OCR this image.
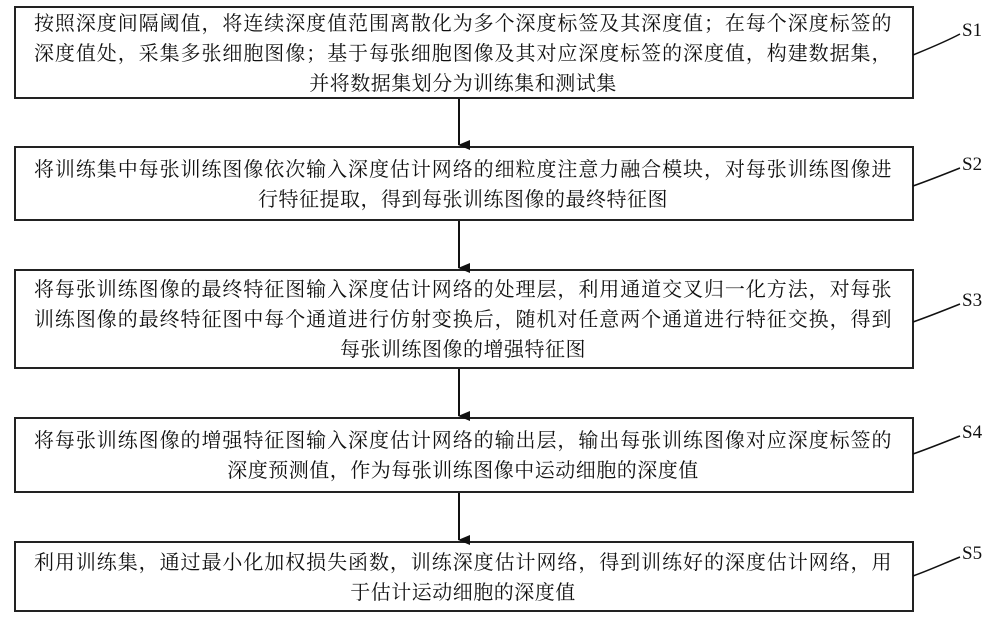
按照深度间隔阈值，将连续深度值范围离散化为多个深度标签及其深度值；在每个深度标签的深度值处，采集多张细胞图像；基于每张细胞图像及其对应深度标签的深度值，构建数据集，并将数据集划分为训练集和测试集
将训练集中每张训练图像依次输入深度估计网络的细粒度注意力融合模块，对每张训练图像进行特征提取，得到每张训练图像的最终特征图
将每张训练图像的最终特征图输入深度估计网络的处理层，利用通道交叉归一化方法，对每张训练图像的最终特征图中每个通道进行仿射变换后，随机对任意两个通道进行特征交换，得到每张训练图像的增强特征图
将每张训练图像的增强特征图输入深度估计网络的输出层，输出每张训练图像对应深度标签的深度预测值，作为每张训练图像中运动细胞的深度值
利用训练集，通过最小化加权损失函数，训练深度估计网络，得到训练好的深度估计网络，用于估计运动细胞的深度值
S1
S2
S3
S4
S5
